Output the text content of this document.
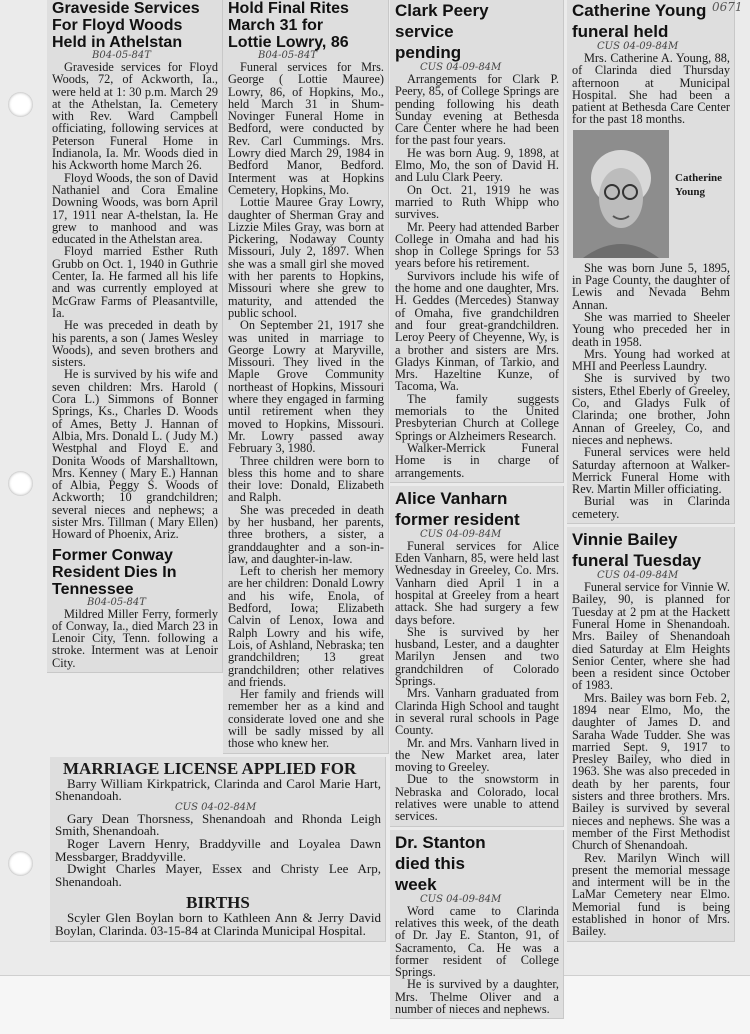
Graveside Services For Floyd Woods Held in Athelstan
B04-05-84T

Graveside services for Floyd Woods, 72, of Ackworth, Ia., were held at 1: 30 p.m. March 29 at the Athelstan, Ia. Cemetery with Rev. Ward Campbell officiating, following services at Peterson Funeral Home in Indianola, Ia. Mr. Woods died in his Ackworth home March 26.

Floyd Woods, the son of David Nathaniel and Cora Emaline Downing Woods, was born April 17, 1911 near A-thelstan, Ia. He grew to manhood and was educated in the Athelstan area.

Floyd married Esther Ruth Grubb on Oct. 1, 1940 in Guthrie Center, Ia. He farmed all his life and was currently employed at McGraw Farms of Pleasantville, Ia.

He was preceded in death by his parents, a son ( James Wesley Woods), and seven brothers and sisters.

He is survived by his wife and seven children: Mrs. Harold ( Cora L.) Simmons of Bonner Springs, Ks., Charles D. Woods of Ames, Betty J. Hannan of Albia, Mrs. Donald L. ( Judy M.) Westphal and Floyd E. and Donita Woods of Marshalltown, Mrs. Kenney ( Mary E.) Hannan of Albia, Peggy S. Woods of Ackworth; 10 grandchildren; several nieces and nephews; a sister Mrs. Tillman ( Mary Ellen) Howard of Phoenix, Ariz.

Former Conway Resident Dies In Tennessee
B04-05-84T

Mildred Miller Ferry, formerly of Conway, Ia., died March 23 in Lenoir City, Tenn. following a stroke. Interment was at Lenoir City.

Hold Final Rites March 31 for Lottie Lowry, 86
B04-05-84T

Funeral services for Mrs. George ( Lottie Mauree) Lowry, 86, of Hopkins, Mo., held March 31 in Shum-Novinger Funeral Home in Bedford, were conducted by Rev. Carl Cummings. Mrs. Lowry died March 29, 1984 in Bedford Manor, Bedford. Interment was at Hopkins Cemetery, Hopkins, Mo.

Lottie Mauree Gray Lowry, daughter of Sherman Gray and Lizzie Miles Gray, was born at Pickering, Nodaway County Missouri, July 2, 1897. When she was a small girl she moved with her parents to Hopkins, Missouri where she grew to maturity, and attended the public school.

On September 21, 1917 she was united in marriage to George Lowry at Maryville, Missouri. They lived in the Maple Grove Community northeast of Hopkins, Missouri where they engaged in farming until retirement when they moved to Hopkins, Missouri. Mr. Lowry passed away February 3, 1980.

Three children were born to bless this home and to share their love: Donald, Elizabeth and Ralph.

She was preceded in death by her husband, her parents, three brothers, a sister, a granddaughter and a son-in-law, and daughter-in-law.

Left to cherish her memory are her children: Donald Lowry and his wife, Enola, of Bedford, Iowa; Elizabeth Calvin of Lenox, Iowa and Ralph Lowry and his wife, Lois, of Ashland, Nebraska; ten grandchildren; 13 great grandchildren; other relatives and friends.

Her family and friends will remember her as a kind and considerate loved one and she will be sadly missed by all those who knew her.

MARRIAGE LICENSE APPLIED FOR

Barry William Kirkpatrick, Clarinda and Carol Marie Hart, Shenandoah.

CUS 04-02-84M

Gary Dean Thorsness, Shenandoah and Rhonda Leigh Smith, Shenandoah.

Roger Lavern Henry, Braddyville and Loyalea Dawn Messbarger, Braddyville.

Dwight Charles Mayer, Essex and Christy Lee Arp, Shenandoah.

BIRTHS

Scyler Glen Boylan born to Kathleen Ann & Jerry David Boylan, Clarinda. 03-15-84 at Clarinda Municipal Hospital.

Clark Peery service pending
CUS 04-09-84M

Arrangements for Clark P. Peery, 85, of College Springs are pending following his death Sunday evening at Bethesda Care Center where he had been for the past four years.

He was born Aug. 9, 1898, at Elmo, Mo, the son of David H. and Lulu Clark Peery.

On Oct. 21, 1919 he was married to Ruth Whipp who survives.

Mr. Peery had attended Barber College in Omaha and had his shop in College Springs for 53 years before his retirement.

Survivors include his wife of the home and one daughter, Mrs. H. Geddes (Mercedes) Stanway of Omaha, five grandchildren and four great-grandchildren. Leroy Peery of Cheyenne, Wy, is a brother and sisters are Mrs. Gladys Kinman, of Tarkio, and Mrs. Hazeltine Kunze, of Tacoma, Wa.

The family suggests memorials to the United Presbyterian Church at College Springs or Alzheimers Research.

Walker-Merrick Funeral Home is in charge of arrangements.

Alice Vanharn former resident
CUS 04-09-84M

Funeral services for Alice Eden Vanharn, 85, were held last Wednesday in Greeley, Co. Mrs. Vanharn died April 1 in a hospital at Greeley from a heart attack. She had surgery a few days before.

She is survived by her husband, Lester, and a daughter Marilyn Jensen and two grandchildren of Colorado Springs.

Mrs. Vanharn graduated from Clarinda High School and taught in several rural schools in Page County.

Mr. and Mrs. Vanharn lived in the New Market area, later moving to Greeley.

Due to the snowstorm in Nebraska and Colorado, local relatives were unable to attend services.

Dr. Stanton died this week
CUS 04-09-84M

Word came to Clarinda relatives this week, of the death of Dr. Jay E. Stanton, 91, of Sacramento, Ca. He was a former resident of College Springs.

He is survived by a daughter, Mrs. Thelme Oliver and a number of nieces and nephews.

Catherine Young funeral held
CUS 04-09-84M

Mrs. Catherine A. Young, 88, of Clarinda died Thursday afternoon at Municipal Hospital. She had been a patient at Bethesda Care Center for the past 18 months.

Catherine Young

She was born June 5, 1895, in Page County, the daughter of Lewis and Nevada Behm Annan.

She was married to Sheeler Young who preceded her in death in 1958.

Mrs. Young had worked at MHI and Peerless Laundry.

She is survived by two sisters, Ethel Eberly of Greeley, Co, and Gladys Fulk of Clarinda; one brother, John Annan of Greeley, Co, and nieces and nephews.

Funeral services were held Saturday afternoon at Walker-Merrick Funeral Home with Rev. Martin Miller officiating.

Burial was in Clarinda cemetery.

Vinnie Bailey funeral Tuesday
CUS 04-09-84M

Funeral service for Vinnie W. Bailey, 90, is planned for Tuesday at 2 pm at the Hackett Funeral Home in Shenandoah. Mrs. Bailey of Shenandoah died Saturday at Elm Heights Senior Center, where she had been a resident since October of 1983.

Mrs. Bailey was born Feb. 2, 1894 near Elmo, Mo, the daughter of James D. and Saraha Wade Tudder. She was married Sept. 9, 1917 to Presley Bailey, who died in 1963. She was also preceded in death by her parents, four sisters and three brothers. Mrs. Bailey is survived by several nieces and nephews. She was a member of the First Methodist Church of Shenandoah.

Rev. Marilyn Winch will present the memorial message and interment will be in the LaMar Cemetery near Elmo. Memorial fund is being established in honor of Mrs. Bailey.

0671
